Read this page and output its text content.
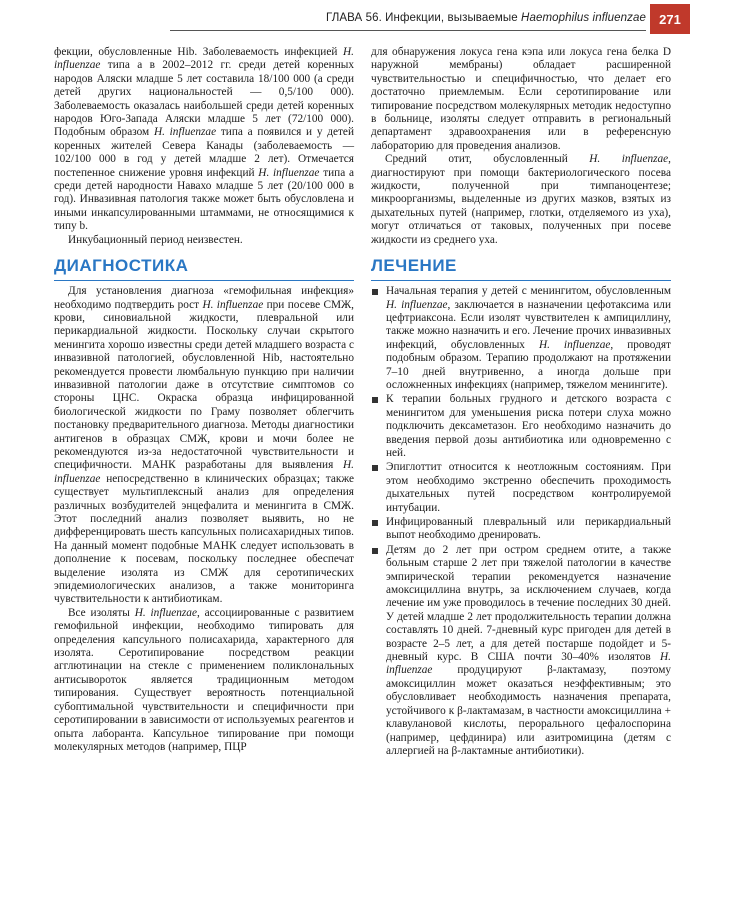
ГЛАВА 56. Инфекции, вызываемые Haemophilus influenzae	271

фекции, обусловленные Hib. Заболеваемость инфекцией H. influenzae типа a в 2002–2012 гг. среди детей коренных народов Аляски младше 5 лет составила 18/100 000 (а среди детей других национальностей — 0,5/100 000). Заболеваемость оказалась наибольшей среди детей коренных народов Юго-Запада Аляски младше 5 лет (72/100 000). Подобным образом H. influenzae типа a появился и у детей коренных жителей Севера Канады (заболеваемость — 102/100 000 в год у детей младше 2 лет). Отмечается постепенное снижение уровня инфекций H. influenzae типа a среди детей народности Навахо младше 5 лет (20/100 000 в год). Инвазивная патология также может быть обусловлена и иными инкапсулированными штаммами, не относящимися к типу b.

Инкубационный период неизвестен.

ДИАГНОСТИКА

Для установления диагноза «гемофильная инфекция» необходимо подтвердить рост H. influenzae при посеве СМЖ, крови, синовиальной жидкости, плевральной или перикардиальной жидкости. Поскольку случаи скрытого менингита хорошо известны среди детей младшего возраста с инвазивной патологией, обусловленной Hib, настоятельно рекомендуется провести люмбальную пункцию при наличии инвазивной патологии даже в отсутствие симптомов со стороны ЦНС. Окраска образца инфицированной биологической жидкости по Граму позволяет облегчить постановку предварительного диагноза. Методы диагностики антигенов в образцах СМЖ, крови и мочи более не рекомендуются из-за недостаточной чувствительности и специфичности. МАНК разработаны для выявления H. influenzae непосредственно в клинических образцах; также существует мультиплексный анализ для определения различных возбудителей энцефалита и менингита в СМЖ. Этот последний анализ позволяет выявить, но не дифференцировать шесть капсульных полисахаридных типов. На данный момент подобные МАНК следует использовать в дополнение к посевам, поскольку последнее обеспечат выделение изолята из СМЖ для серотипических эпидемиологических анализов, а также мониторинга чувствительности к антибиотикам.

Все изоляты H. influenzae, ассоциированные с развитием гемофильной инфекции, необходимо типировать для определения капсульного полисахарида, характерного для изолята. Серотипирование посредством реакции агглютинации на стекле с применением поликлональных антисывороток является традиционным методом типирования. Существует вероятность потенциальной субоптимальной чувствительности и специфичности при серотипировании в зависимости от используемых реагентов и опыта лаборанта. Капсульное типирование при помощи молекулярных методов (например, ПЦР

для обнаружения локуса гена кэпа или локуса гена белка D наружной мембраны) обладает расширенной чувствительностью и специфичностью, что делает его достаточно приемлемым. Если серотипирование или типирование посредством молекулярных методик недоступно в больнице, изоляты следует отправить в региональный департамент здравоохранения или в референсную лабораторию для проведения анализов.

Средний отит, обусловленный H. influenzae, диагностируют при помощи бактериологического посева жидкости, полученной при тимпаноцентезе; микроорганизмы, выделенные из других мазков, взятых из дыхательных путей (например, глотки, отделяемого из уха), могут отличаться от таковых, полученных при посеве жидкости из среднего уха.

ЛЕЧЕНИЕ
Начальная терапия у детей с менингитом, обусловленным H. influenzae, заключается в назначении цефотаксима или цефтриаксона. Если изолят чувствителен к ампициллину, также можно назначить и его. Лечение прочих инвазивных инфекций, обусловленных H. influenzae, проводят подобным образом. Терапию продолжают на протяжении 7–10 дней внутривенно, а иногда дольше при осложненных инфекциях (например, тяжелом менингите).
К терапии больных грудного и детского возраста с менингитом для уменьшения риска потери слуха можно подключить дексаметазон. Его необходимо назначить до введения первой дозы антибиотика или одновременно с ней.
Эпиглоттит относится к неотложным состояниям. При этом необходимо экстренно обеспечить проходимость дыхательных путей посредством контролируемой интубации.
Инфицированный плевральный или перикардиальный выпот необходимо дренировать.
Детям до 2 лет при остром среднем отите, а также больным старше 2 лет при тяжелой патологии в качестве эмпирической терапии рекомендуется назначение амоксициллина внутрь, за исключением случаев, когда лечение им уже проводилось в течение последних 30 дней. У детей младше 2 лет продолжительность терапии должна составлять 10 дней. 7-дневный курс пригоден для детей в возрасте 2–5 лет, а для детей постарше подойдет и 5-дневный курс. В США почти 30–40% изолятов H. influenzae продуцируют β-лактамазу, поэтому амоксициллин может оказаться неэффективным; это обусловливает необходимость назначения препарата, устойчивого к β-лактамазам, в частности амоксициллина + клавулановой кислоты, перорального цефалоспорина (например, цефдинира) или азитромицина (детям с аллергией на β-лактамные антибиотики).
